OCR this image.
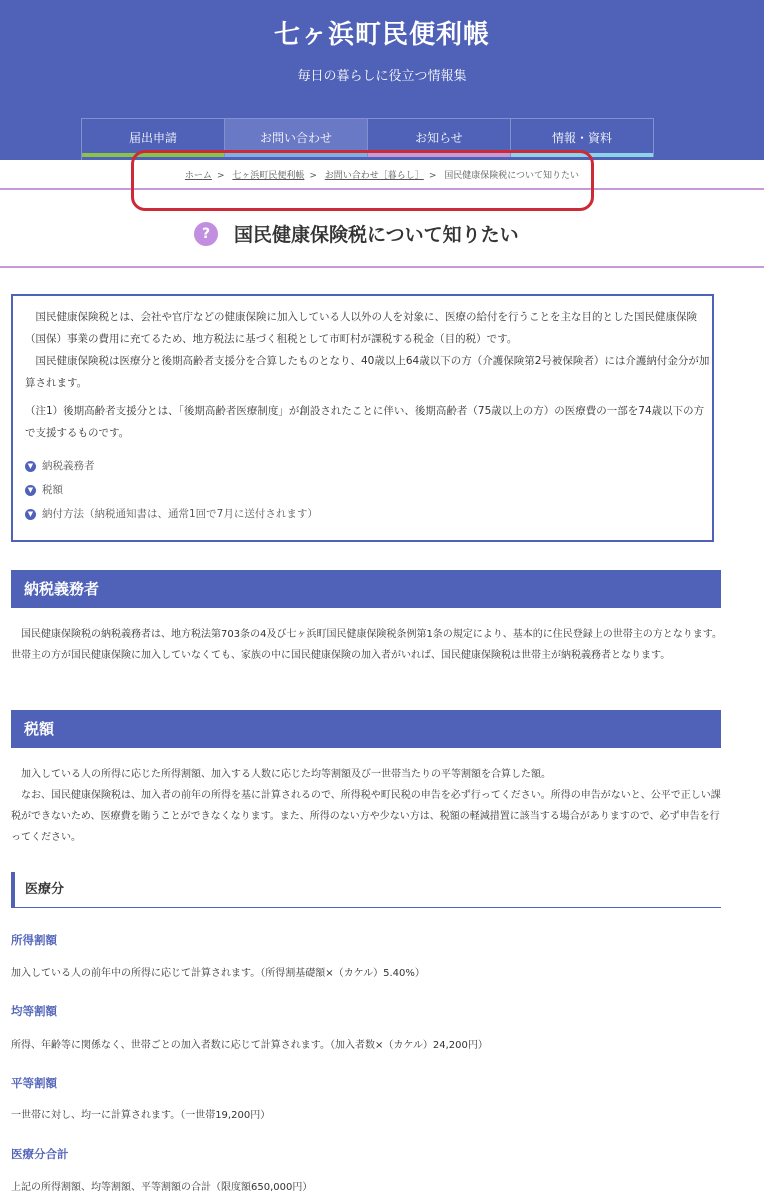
七ヶ浜町民便利帳
毎日の暮らしに役立つ情報集
届出申請	お問い合わせ	お知らせ	情報・資料
ホーム > 七ヶ浜町民便利帳 > お問い合わせ［暮らし］ > 国民健康保険税について知りたい
?	国民健康保険税について知りたい

　国民健康保険税とは、会社や官庁などの健康保険に加入している人以外の人を対象に、医療の給付を行うことを主な目的とした国民健康保険（国保）事業の費用に充てるため、地方税法に基づく租税として市町村が課税する税金（目的税）です。

　国民健康保険税は医療分と後期高齢者支援分を合算したものとなり、40歳以上64歳以下の方（介護保険第2号被保険者）には介護納付金分が加算されます。

（注1）後期高齢者支援分とは、「後期高齢者医療制度」が創設されたことに伴い、後期高齢者（75歳以上の方）の医療費の一部を74歳以下の方で支援するものです。

▼ 納税義務者
▼ 税額
▼ 納付方法（納税通知書は、通常1回で7月に送付されます）
納税義務者
　国民健康保険税の納税義務者は、地方税法第703条の4及び七ヶ浜町国民健康保険税条例第1条の規定により、基本的に住民登録上の世帯主の方となります。世帯主の方が国民健康保険に加入していなくても、家族の中に国民健康保険の加入者がいれば、国民健康保険税は世帯主が納税義務者となります。
税額
　加入している人の所得に応じた所得割額、加入する人数に応じた均等割額及び一世帯当たりの平等割額を合算した額。
　なお、国民健康保険税は、加入者の前年の所得を基に計算されるので、所得税や町民税の申告を必ず行ってください。所得の申告がないと、公平で正しい課税ができないため、医療費を賄うことができなくなります。また、所得のない方や少ない方は、税額の軽減措置に該当する場合がありますので、必ず申告を行ってください。
医療分
所得割額
加入している人の前年中の所得に応じて計算されます。（所得割基礎額×（カケル）5.40%）
均等割額
所得、年齢等に関係なく、世帯ごとの加入者数に応じて計算されます。（加入者数×（カケル）24,200円）
平等割額
一世帯に対し、均一に計算されます。（一世帯19,200円）
医療分合計
上記の所得割額、均等割額、平等割額の合計（限度額650,000円）
